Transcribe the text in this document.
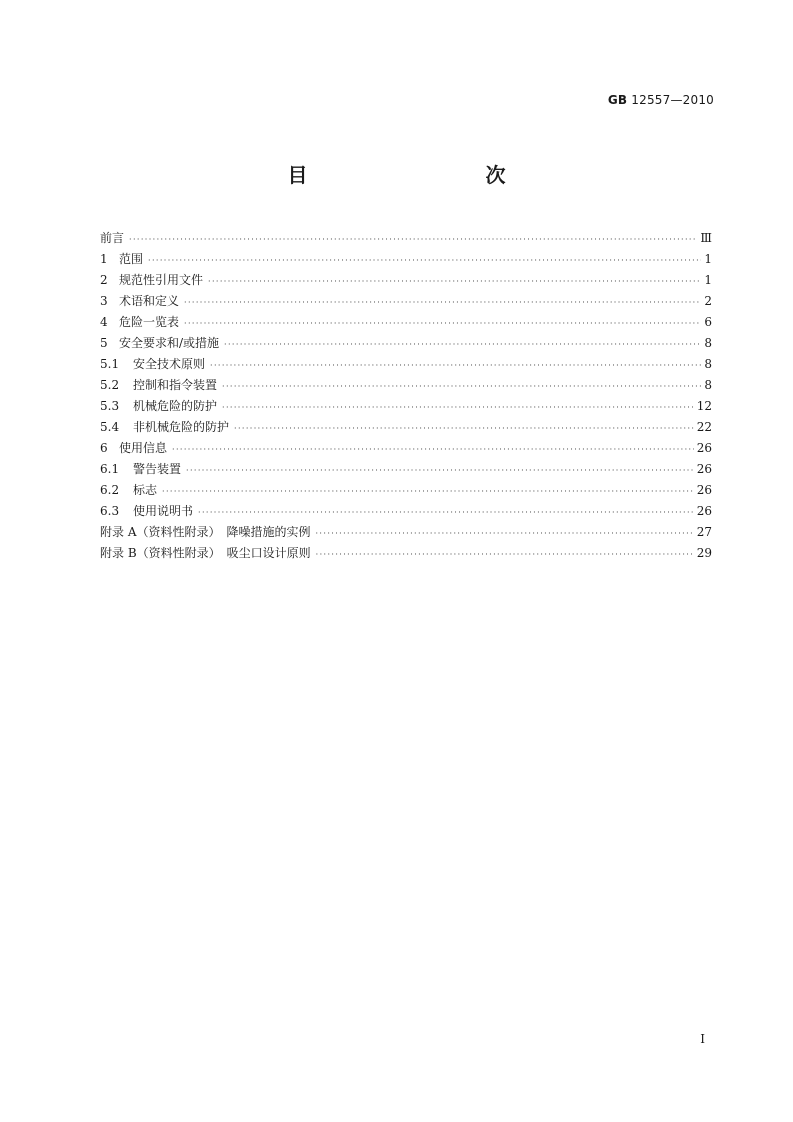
GB 12557—2010
目　　次
前言 ·····	Ⅲ
1 范围 ·····	1
2 规范性引用文件 ·····	1
3 术语和定义 ·····	2
4 危险一览表 ·····	6
5 安全要求和/或措施 ·····	8
5.1	安全技术原则 ·····	8
5.2	控制和指令装置 ·····	8
5.3	机械危险的防护 ·····	12
5.4	非机械危险的防护 ·····	22
6 使用信息 ·····	26
6.1	警告装置 ·····	26
6.2	标志 ·····	26
6.3	使用说明书 ·····	26
附录 A（资料性附录）　降噪措施的实例 ·····	27
附录 B（资料性附录）　吸尘口设计原则 ·····	29
I
